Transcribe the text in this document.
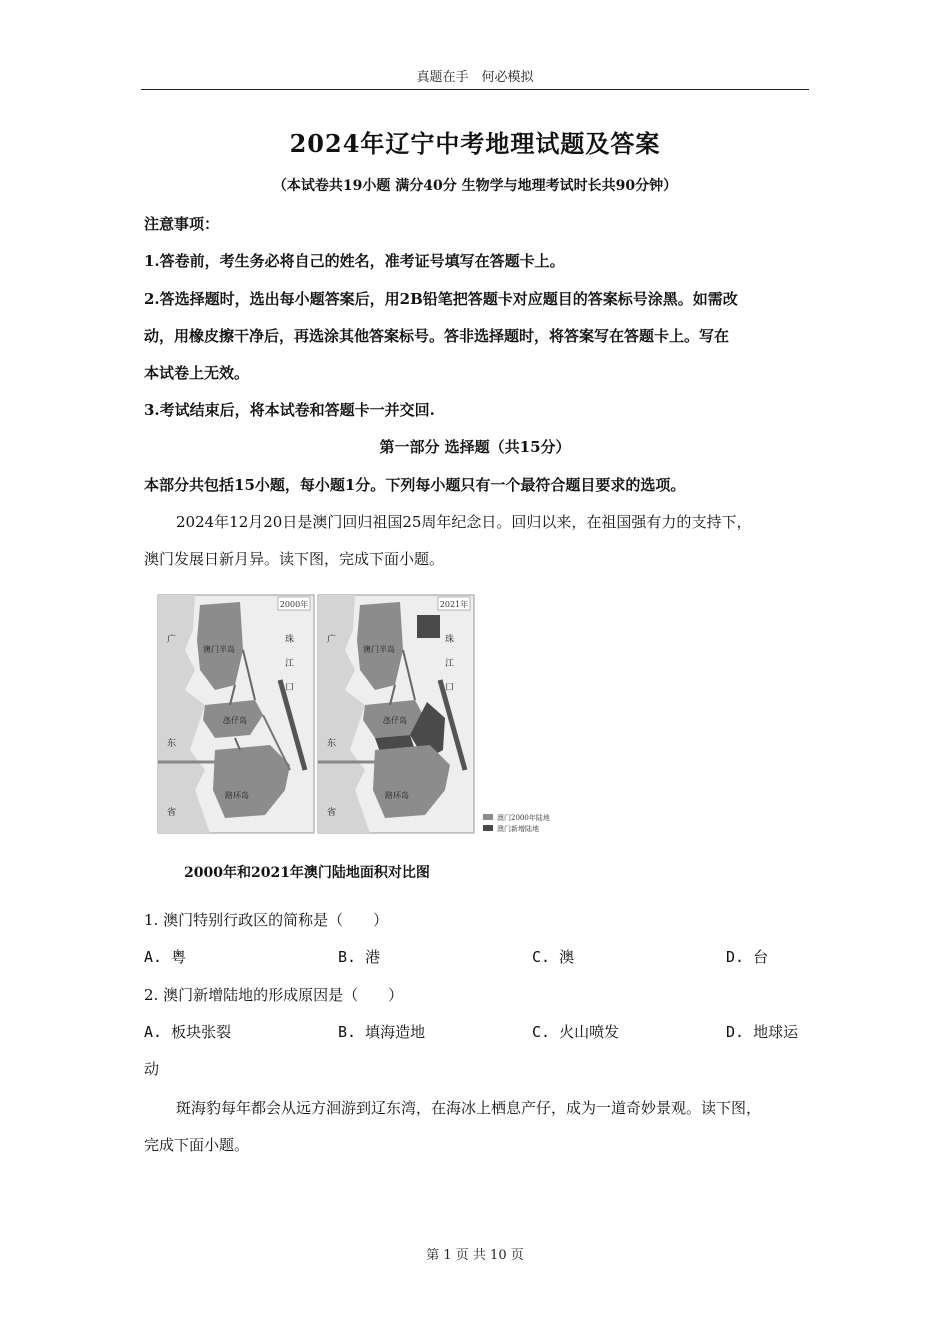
真题在手　何必模拟
2024年辽宁中考地理试题及答案
（本试卷共19小题 满分40分 生物学与地理考试时长共90分钟）
注意事项：
1.答卷前，考生务必将自己的姓名，准考证号填写在答题卡上。
2.答选择题时，选出每小题答案后，用2B铅笔把答题卡对应题目的答案标号涂黑。如需改
动，用橡皮擦干净后，再选涂其他答案标号。答非选择题时，将答案写在答题卡上。写在
本试卷上无效。
3.考试结束后，将本试卷和答题卡一并交回.
第一部分 选择题（共15分）
本部分共包括15小题，每小题1分。下列每小题只有一个最符合题目要求的选项。
2024年12月20日是澳门回归祖国25周年纪念日。回归以来，在祖国强有力的支持下，
澳门发展日新月异。读下图，完成下面小题。
2000年
澳门半岛
氹仔岛
路环岛
广
东
省
珠
江
口
2021年
澳门半岛
氹仔岛
路环岛
广
东
省
珠
江
口
澳门2000年陆地
澳门新增陆地
2000年和2021年澳门陆地面积对比图
1. 澳门特别行政区的简称是（　　）
A. 粤	B. 港	C. 澳	D. 台
2. 澳门新增陆地的形成原因是（　　）
A. 板块张裂	B. 填海造地	C. 火山喷发	D. 地球运
动
斑海豹每年都会从远方洄游到辽东湾，在海冰上栖息产仔，成为一道奇妙景观。读下图，
完成下面小题。
第 1 页 共 10 页
